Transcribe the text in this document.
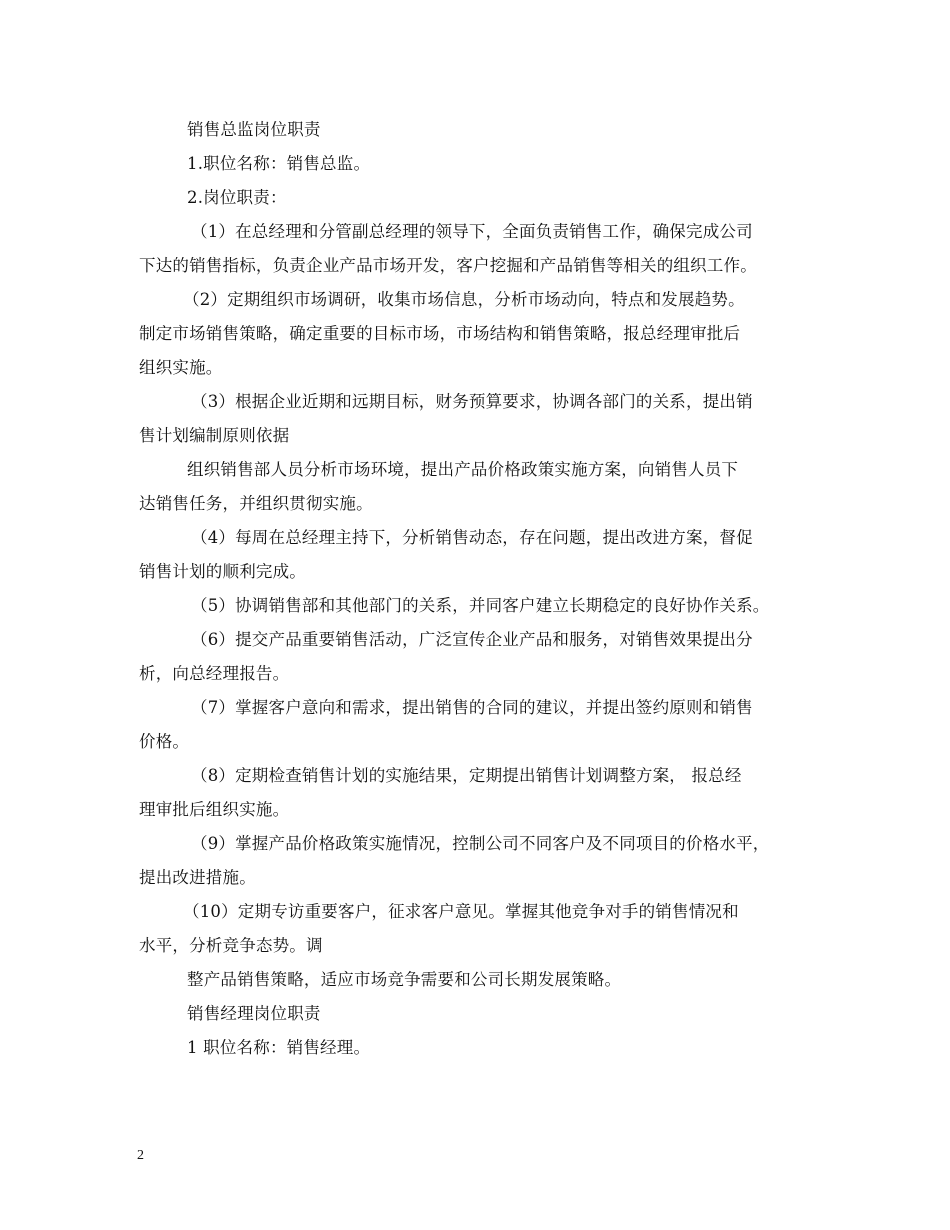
销售总监岗位职责
1.职位名称：销售总监。
2.岗位职责：
（1）在总经理和分管副总经理的领导下，全面负责销售工作，确保完成公司
下达的销售指标，负责企业产品市场开发，客户挖掘和产品销售等相关的组织工作。
（2）定期组织市场调研，收集市场信息，分析市场动向，特点和发展趋势。
制定市场销售策略，确定重要的目标市场，市场结构和销售策略，报总经理审批后
组织实施。
（3）根据企业近期和远期目标，财务预算要求，协调各部门的关系，提出销
售计划编制原则依据
组织销售部人员分析市场环境，提出产品价格政策实施方案，向销售人员下
达销售任务，并组织贯彻实施。
（4）每周在总经理主持下，分析销售动态，存在问题，提出改进方案，督促
销售计划的顺利完成。
（5）协调销售部和其他部门的关系，并同客户建立长期稳定的良好协作关系。
（6）提交产品重要销售活动，广泛宣传企业产品和服务，对销售效果提出分
析，向总经理报告。
（7）掌握客户意向和需求，提出销售的合同的建议，并提出签约原则和销售
价格。
（8）定期检查销售计划的实施结果，定期提出销售计划调整方案， 报总经
理审批后组织实施。
（9）掌握产品价格政策实施情况，控制公司不同客户及不同项目的价格水平，
提出改进措施。
（10）定期专访重要客户，征求客户意见。掌握其他竞争对手的销售情况和
水平，分析竞争态势。调
整产品销售策略，适应市场竞争需要和公司长期发展策略。
销售经理岗位职责
1 职位名称：销售经理。
2
